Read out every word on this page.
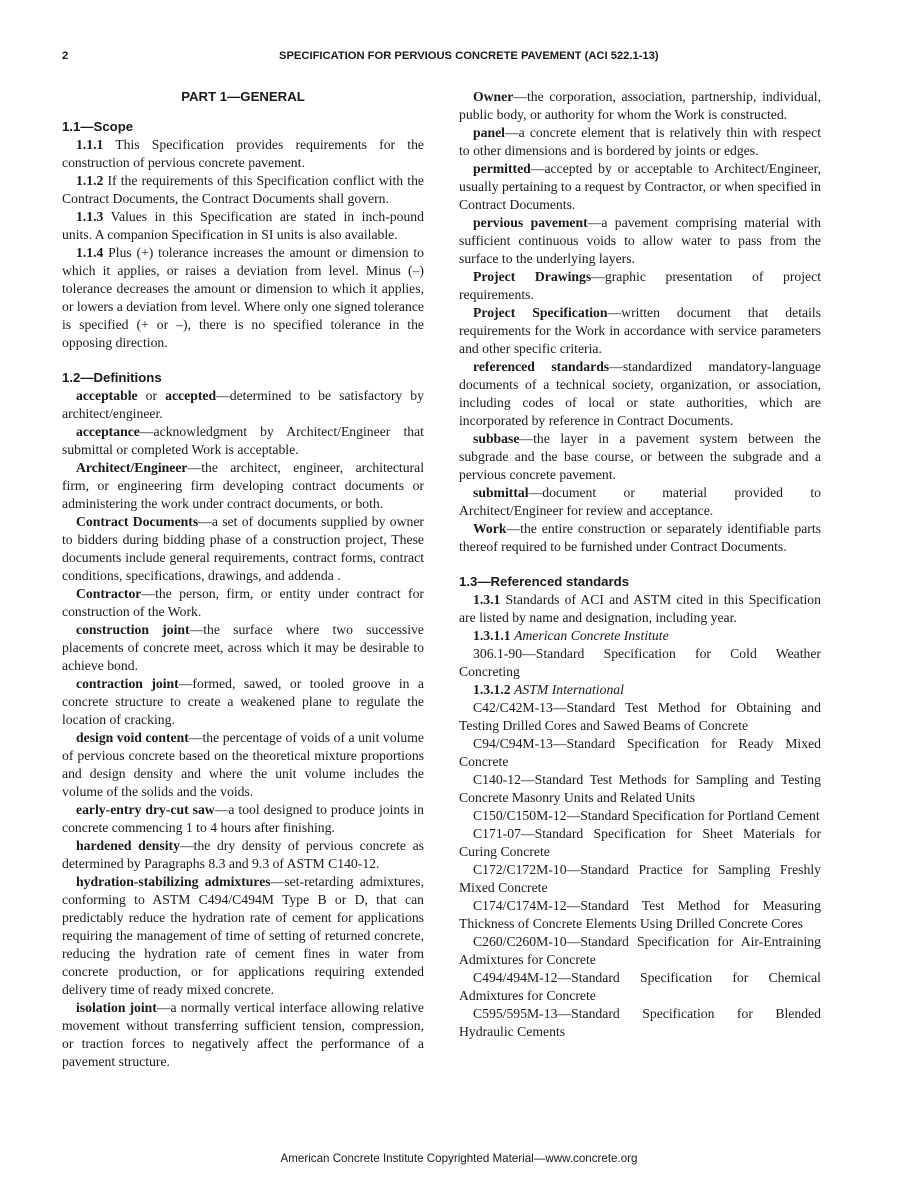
2	SPECIFICATION FOR PERVIOUS CONCRETE PAVEMENT (ACI 522.1-13)
PART 1—GENERAL
1.1—Scope

1.1.1 This Specification provides requirements for the construction of pervious concrete pavement.

1.1.2 If the requirements of this Specification conflict with the Contract Documents, the Contract Documents shall govern.

1.1.3 Values in this Specification are stated in inch-pound units. A companion Specification in SI units is also available.

1.1.4 Plus (+) tolerance increases the amount or dimension to which it applies, or raises a deviation from level. Minus (–) tolerance decreases the amount or dimension to which it applies, or lowers a deviation from level. Where only one signed tolerance is specified (+ or –), there is no specified tolerance in the opposing direction.

1.2—Definitions

acceptable or accepted—determined to be satisfactory by architect/engineer.

acceptance—acknowledgment by Architect/Engineer that submittal or completed Work is acceptable.

Architect/Engineer—the architect, engineer, architectural firm, or engineering firm developing contract documents or administering the work under contract documents, or both.

Contract Documents—a set of documents supplied by owner to bidders during bidding phase of a construction project, These documents include general requirements, contract forms, contract conditions, specifications, drawings, and addenda .

Contractor—the person, firm, or entity under contract for construction of the Work.

construction joint—the surface where two successive placements of concrete meet, across which it may be desirable to achieve bond.

contraction joint—formed, sawed, or tooled groove in a concrete structure to create a weakened plane to regulate the location of cracking.

design void content—the percentage of voids of a unit volume of pervious concrete based on the theoretical mixture proportions and design density and where the unit volume includes the volume of the solids and the voids.

early-entry dry-cut saw—a tool designed to produce joints in concrete commencing 1 to 4 hours after finishing.

hardened density—the dry density of pervious concrete as determined by Paragraphs 8.3 and 9.3 of ASTM C140-12.

hydration-stabilizing admixtures—set-retarding admixtures, conforming to ASTM C494/C494M Type B or D, that can predictably reduce the hydration rate of cement for applications requiring the management of time of setting of returned concrete, reducing the hydration rate of cement fines in water from concrete production, or for applications requiring extended delivery time of ready mixed concrete.

isolation joint—a normally vertical interface allowing relative movement without transferring sufficient tension, compression, or traction forces to negatively affect the performance of a pavement structure.

Owner—the corporation, association, partnership, individual, public body, or authority for whom the Work is constructed.

panel—a concrete element that is relatively thin with respect to other dimensions and is bordered by joints or edges.

permitted—accepted by or acceptable to Architect/Engineer, usually pertaining to a request by Contractor, or when specified in Contract Documents.

pervious pavement—a pavement comprising material with sufficient continuous voids to allow water to pass from the surface to the underlying layers.

Project Drawings—graphic presentation of project requirements.

Project Specification—written document that details requirements for the Work in accordance with service parameters and other specific criteria.

referenced standards—standardized mandatory-language documents of a technical society, organization, or association, including codes of local or state authorities, which are incorporated by reference in Contract Documents.

subbase—the layer in a pavement system between the subgrade and the base course, or between the subgrade and a pervious concrete pavement.

submittal—document or material provided to Architect/Engineer for review and acceptance.

Work—the entire construction or separately identifiable parts thereof required to be furnished under Contract Documents.

1.3—Referenced standards

1.3.1 Standards of ACI and ASTM cited in this Specification are listed by name and designation, including year.

1.3.1.1 American Concrete Institute

306.1-90—Standard Specification for Cold Weather Concreting

1.3.1.2 ASTM International

C42/C42M-13—Standard Test Method for Obtaining and Testing Drilled Cores and Sawed Beams of Concrete

C94/C94M-13—Standard Specification for Ready Mixed Concrete

C140-12—Standard Test Methods for Sampling and Testing Concrete Masonry Units and Related Units

C150/C150M-12—Standard Specification for Portland Cement

C171-07—Standard Specification for Sheet Materials for Curing Concrete

C172/C172M-10—Standard Practice for Sampling Freshly Mixed Concrete

C174/C174M-12—Standard Test Method for Measuring Thickness of Concrete Elements Using Drilled Concrete Cores

C260/C260M-10—Standard Specification for Air-Entraining Admixtures for Concrete

C494/494M-12—Standard Specification for Chemical Admixtures for Concrete

C595/595M-13—Standard Specification for Blended Hydraulic Cements

American Concrete Institute Copyrighted Material—www.concrete.org
